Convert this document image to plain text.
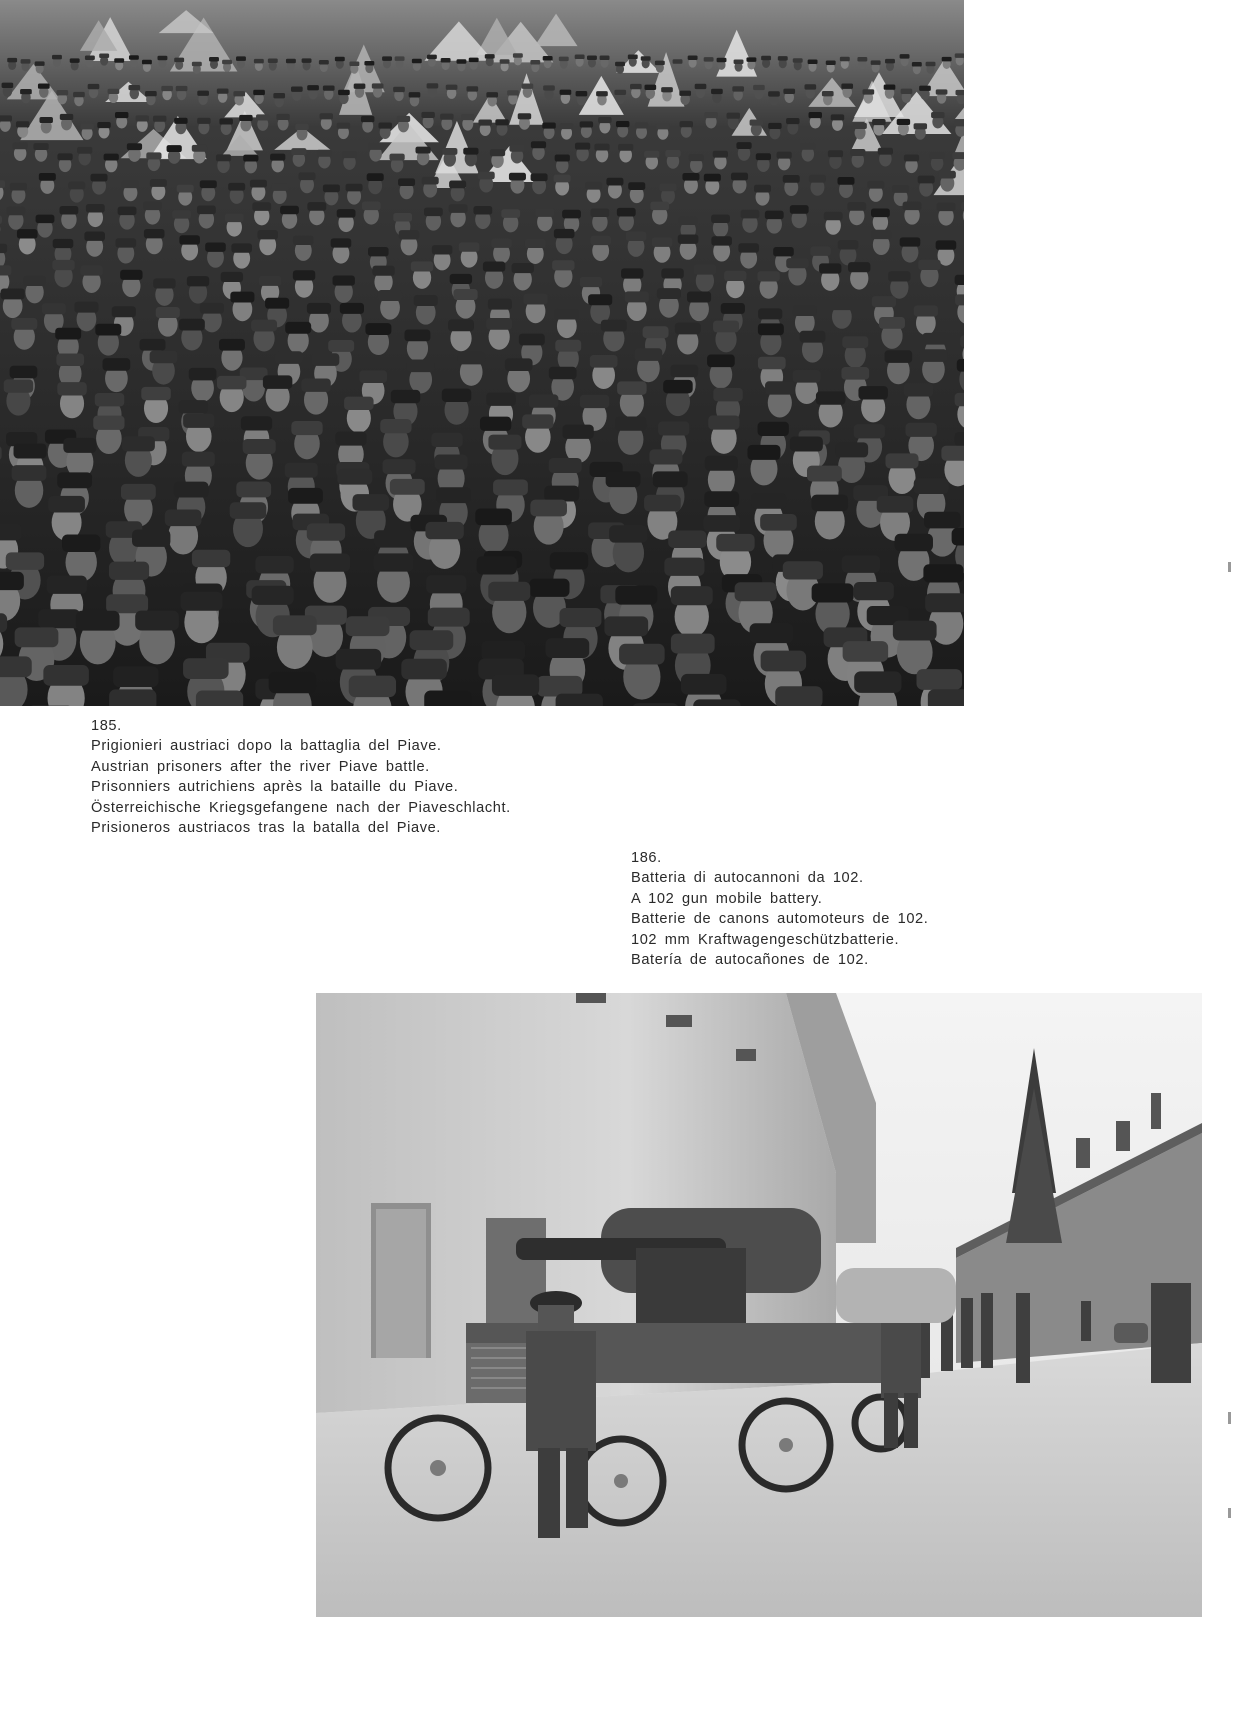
185.
Prigionieri austriaci dopo la battaglia del Piave.
Austrian prisoners after the river Piave battle.
Prisonniers autrichiens après la bataille du Piave.
Österreichische Kriegsgefangene nach der Piaveschlacht.
Prisioneros austriacos tras la batalla del Piave.
186.
Batteria di autocannoni da 102.
A 102 gun mobile battery.
Batterie de canons automoteurs de 102.
102 mm Kraftwagengeschützbatterie.
Batería de autocañones de 102.
